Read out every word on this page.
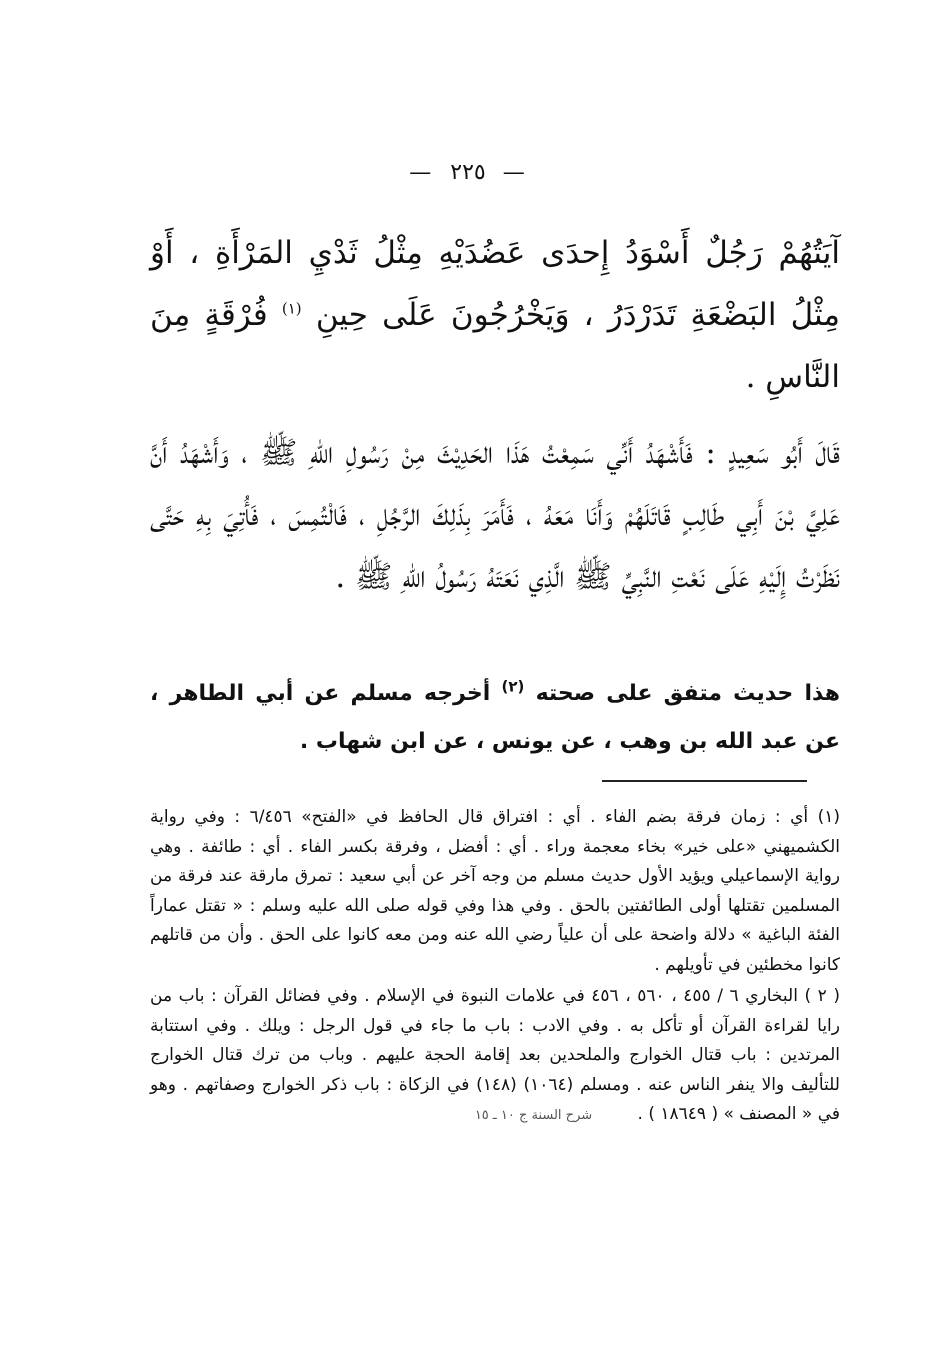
— ٢٢٥ —

آيَتُهُمْ رَجُلٌ أَسْوَدُ إِحدَى عَضُدَيْهِ مِثْلُ ثَدْيِ المَرْأَةِ ، أَوْ مِثْلُ البَضْعَةِ تَدَرْدَرُ ، وَيَخْرُجُونَ عَلَى حِينِ $^{(١)}$ فُرْقَةٍ مِنَ النَّاسِ .

قَالَ أَبُو سَعِيدٍ : فَأَشْهَدُ أَنِّي سَمِعْتُ هَذَا الحَدِيْثَ مِنْ رَسُولِ اللهِ ﷺ ، وَأَشْهَدُ أَنَّ عَلِيَّ بْنَ أَبِي طَالِبٍ قَاتَلَهُمْ وَأَنَا مَعَهُ ، فَأَمَرَ بِذَلِكَ الرَّجُلِ ، فَالْتُمِسَ ، فَأُتِيَ بِهِ حَتَّى نَظَرْتُ إِلَيْهِ عَلَى نَعْتِ النَّبِيِّ ﷺ الَّذِي نَعَتَهُ رَسُولُ اللهِ ﷺ .

هذا حديث متفق على صحته $^{(٢)}$ أخرجه مسلم عن أبي الطاهر ، عن عبد الله بن وهب ، عن يونس ، عن ابن شهاب .

(١) أي : زمان فرقة بضم الفاء . أي : افتراق قال الحافظ في «الفتح» ٦/٤٥٦ : وفي رواية الكشميهني «على خير» بخاء معجمة وراء . أي : أفضل ، وفرقة بكسر الفاء . أي : طائفة . وهي رواية الإسماعيلي ويؤيد الأول حديث مسلم من وجه آخر عن أبي سعيد : تمرق مارقة عند فرقة من المسلمين تقتلها أولى الطائفتين بالحق . وفي هذا وفي قوله صلى الله عليه وسلم : « تقتل عماراً الفئة الباغية » دلالة واضحة على أن علياً رضي الله عنه ومن معه كانوا على الحق . وأن من قاتلهم كانوا مخطئين في تأويلهم .

( ٢ ) البخاري ٦ / ٤٥٥ ، ٥٦٠ ، ٤٥٦ في علامات النبوة في الإسلام . وفي فضائل القرآن : باب من رايا لقراءة القرآن أو تأكل به . وفي الادب : باب ما جاء في قول الرجل : ويلك . وفي استتابة المرتدين : باب قتال الخوارج والملحدين بعد إقامة الحجة عليهم . وباب من ترك قتال الخوارج للتأليف والا ينفر الناس عنه . ومسلم (١٠٦٤) (١٤٨) في الزكاة : باب ذكر الخوارج وصفاتهم . وهو في « المصنف » ( ١٨٦٤٩ ) . شرح السنة ج ١٠ ـ ١٥
